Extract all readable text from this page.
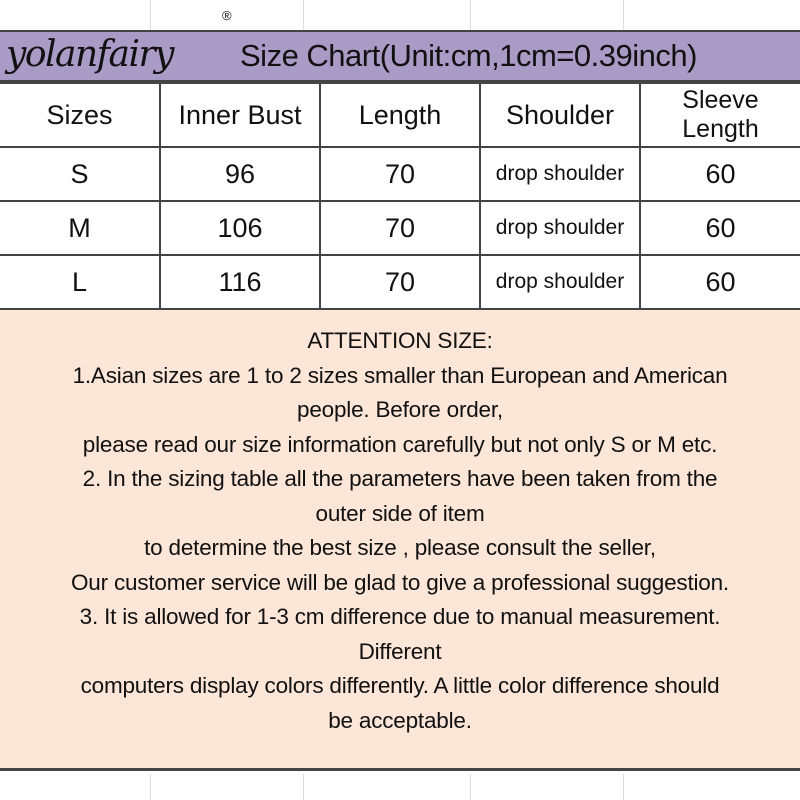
yolanfairy
®
Size Chart(Unit:cm,1cm=0.39inch)
Sizes	Inner Bust	Length	Shoulder	Sleeve Length
S	96	70	drop shoulder	60
M	106	70	drop shoulder	60
L	116	70	drop shoulder	60
ATTENTION SIZE:
1.Asian sizes are 1 to 2 sizes smaller than European and American
people. Before order,
please read our size information carefully but not only S or M etc.
2. In the sizing table all the parameters have been taken from the
outer side of item
to determine the best size , please consult the seller,
Our customer service will be glad to give a professional suggestion.
3. It is allowed for 1-3 cm difference due to manual measurement.
Different
computers display colors differently. A little color difference should
be acceptable.
